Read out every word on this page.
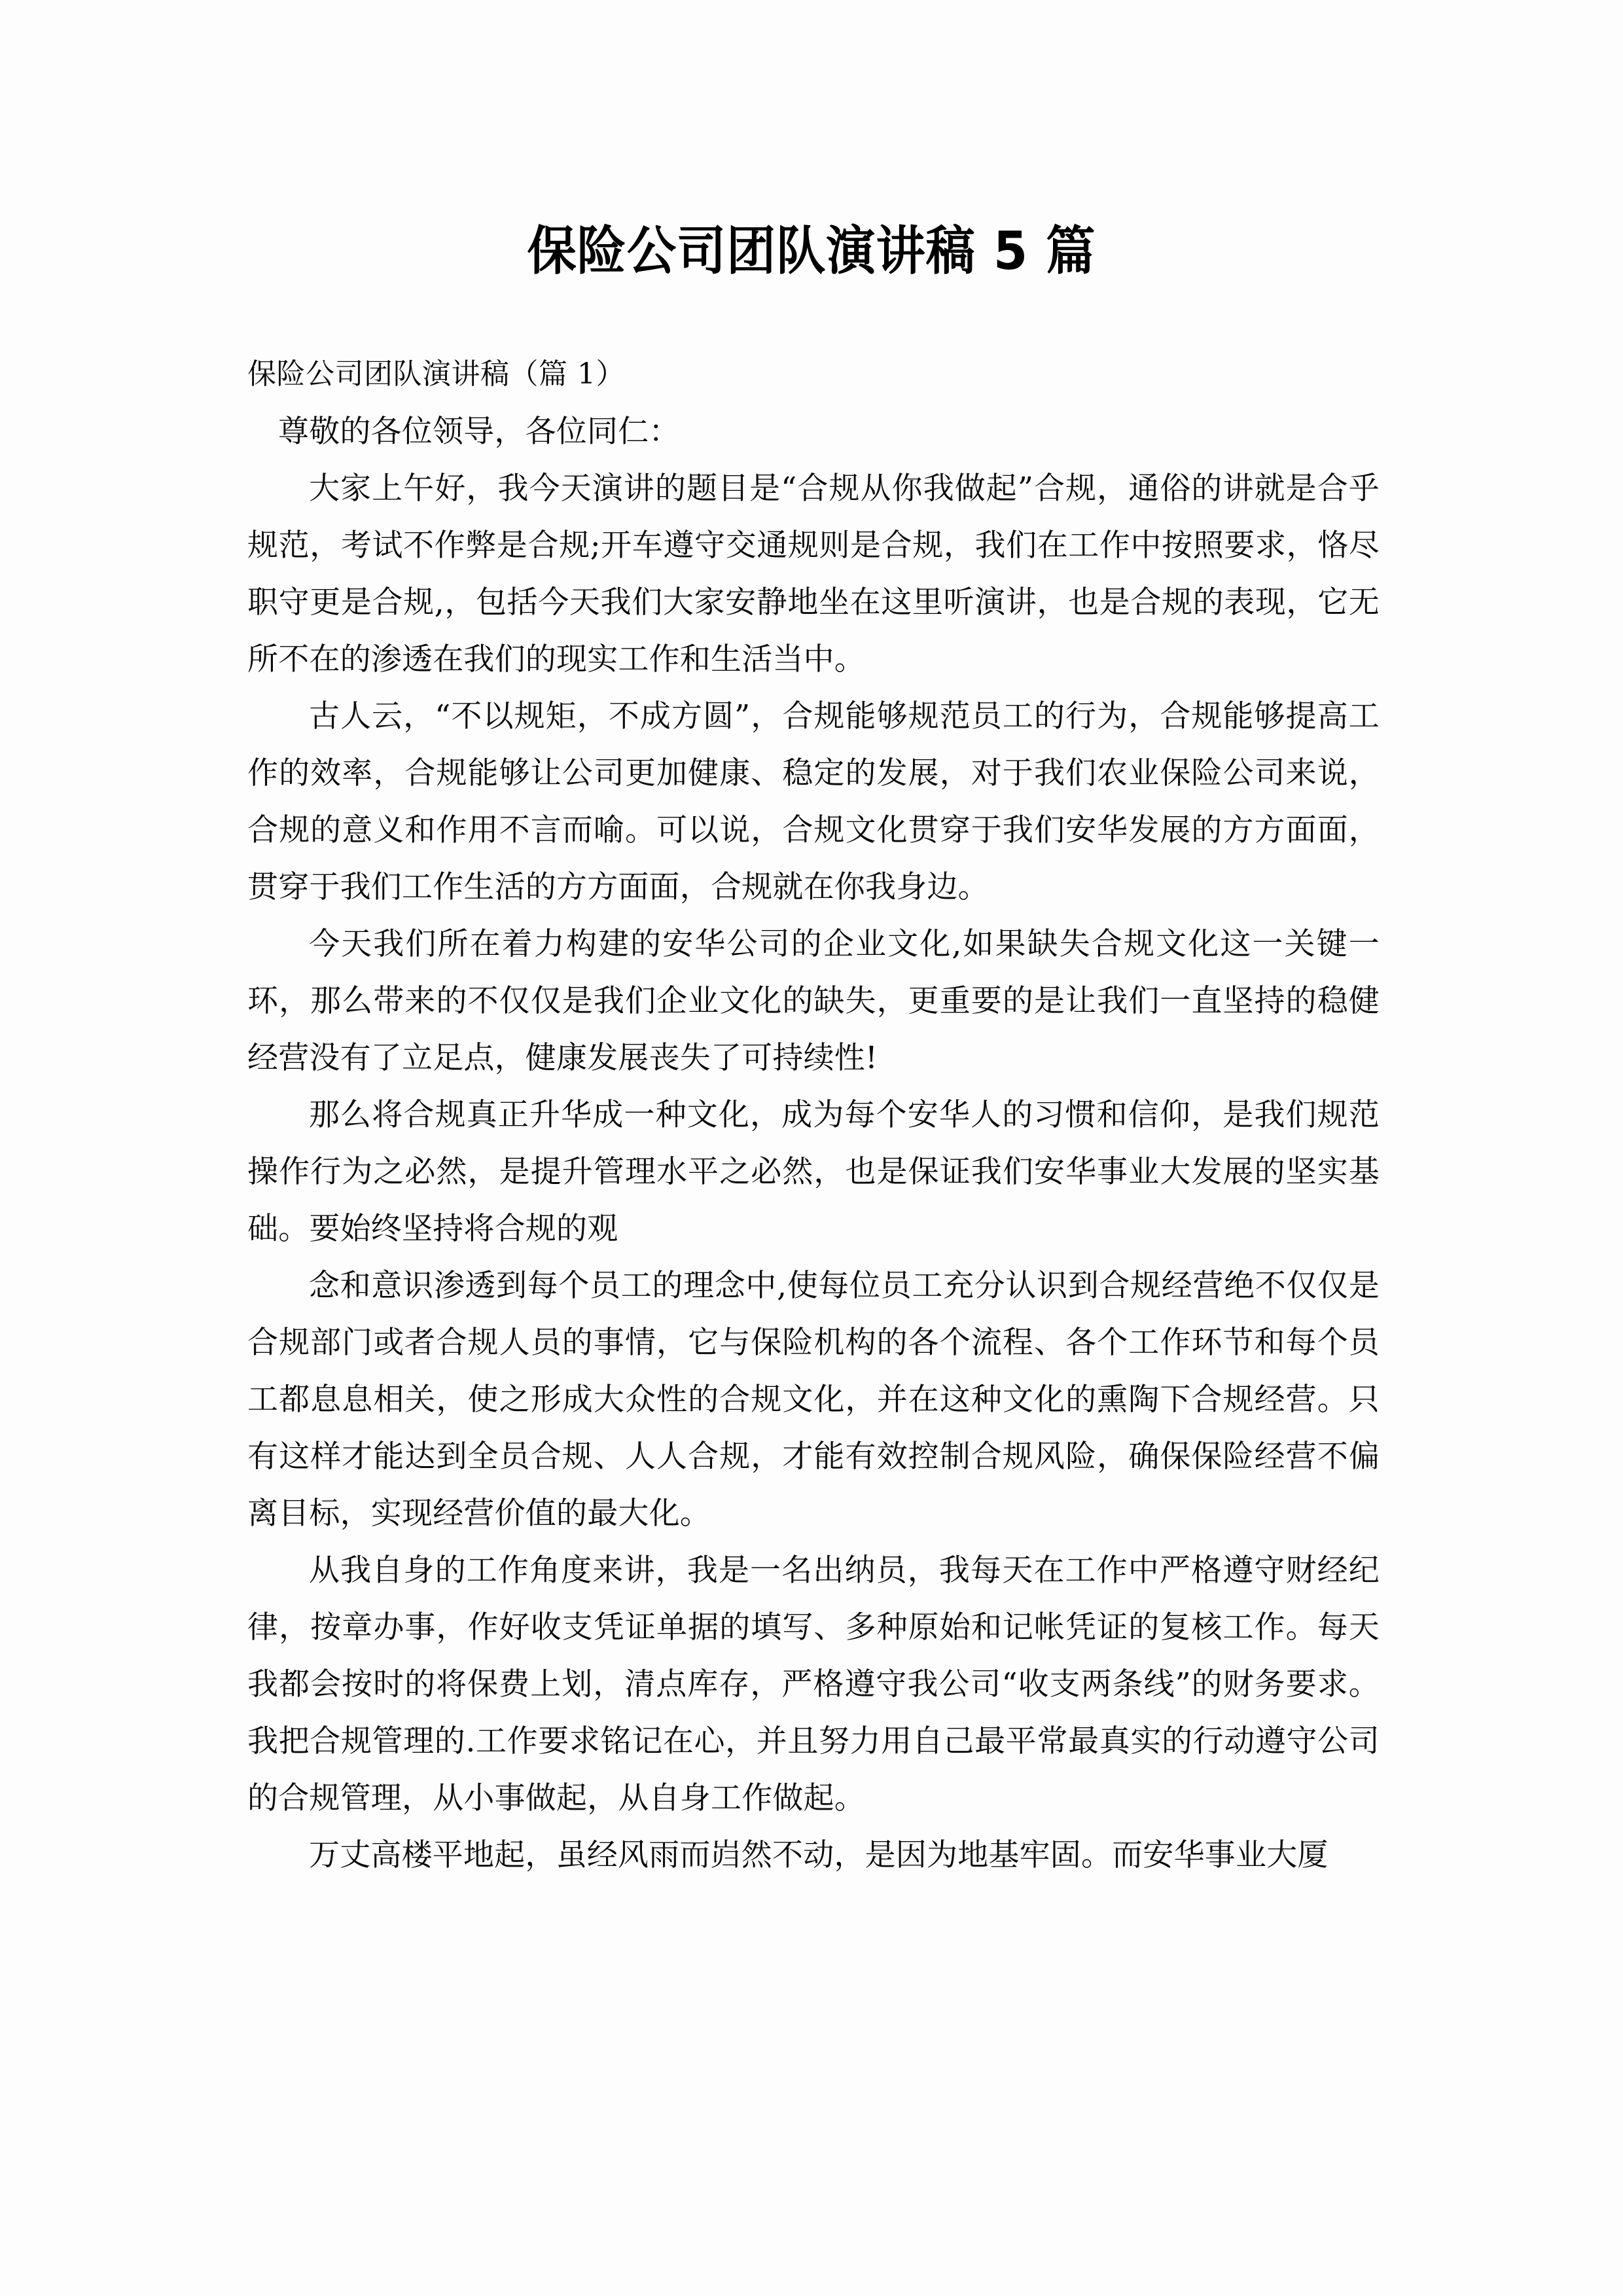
保险公司团队演讲稿 5 篇
保险公司团队演讲稿（篇 1）

尊敬的各位领导，各位同仁：

大家上午好，我今天演讲的题目是“合规从你我做起”合规，通俗的讲就是合乎规范，考试不作弊是合规;开车遵守交通规则是合规，我们在工作中按照要求，恪尽职守更是合规,，包括今天我们大家安静地坐在这里听演讲，也是合规的表现，它无所不在的渗透在我们的现实工作和生活当中。

古人云，“不以规矩，不成方圆”，合规能够规范员工的行为，合规能够提高工作的效率，合规能够让公司更加健康、稳定的发展，对于我们农业保险公司来说，合规的意义和作用不言而喻。可以说，合规文化贯穿于我们安华发展的方方面面，贯穿于我们工作生活的方方面面，合规就在你我身边。

今天我们所在着力构建的安华公司的企业文化,如果缺失合规文化这一关键一环，那么带来的不仅仅是我们企业文化的缺失，更重要的是让我们一直坚持的稳健经营没有了立足点，健康发展丧失了可持续性!

那么将合规真正升华成一种文化，成为每个安华人的习惯和信仰，是我们规范操作行为之必然，是提升管理水平之必然，也是保证我们安华事业大发展的坚实基础。要始终坚持将合规的观

念和意识渗透到每个员工的理念中,使每位员工充分认识到合规经营绝不仅仅是合规部门或者合规人员的事情，它与保险机构的各个流程、各个工作环节和每个员工都息息相关，使之形成大众性的合规文化，并在这种文化的熏陶下合规经营。只有这样才能达到全员合规、人人合规，才能有效控制合规风险，确保保险经营不偏离目标，实现经营价值的最大化。

从我自身的工作角度来讲，我是一名出纳员，我每天在工作中严格遵守财经纪律，按章办事，作好收支凭证单据的填写、多种原始和记帐凭证的复核工作。每天我都会按时的将保费上划，清点库存，严格遵守我公司“收支两条线”的财务要求。我把合规管理的.工作要求铭记在心，并且努力用自己最平常最真实的行动遵守公司的合规管理，从小事做起，从自身工作做起。

万丈高楼平地起，虽经风雨而岿然不动，是因为地基牢固。而安华事业大厦
